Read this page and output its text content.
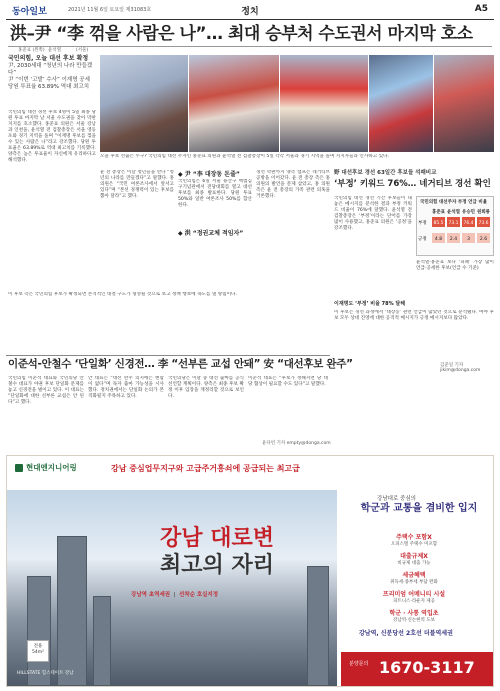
동아일보	2021년 11월 6일 토요일 제31083호	정치	A5
洪–尹 “李 꺾을 사람은 나”… 최대 승부처 수도권서 마지막 호소
홍준표 (왼쪽) 윤석열	(서울)
국민의힘, 오늘 대선 후보 확정
尹, 2030세대 “청년의 나라 만들겠다”
尹 “이번 ‘고발’ 수사” 이재명 공세
당원 투표율 63.89% 역대 최고치
국민의힘 대선 경선 후보 4명이 5일 최종 당원 투표 마지막 날 서울 수도권을 찾아 막판 지지를 호소했다. 홍준표 의원은 서울 강남과 인천을, 윤석열 전 검찰총장은 서울 영등포와 경기 지역을 돌며 “이재명 후보를 꺾을 수 있는 사람은 나”라고 강조했다. 당원 투표율은 63.89%로 역대 최고치를 기록했다. 양측은 높은 투표율이 자신에게 유리하다고 해석했다.
오늘 후보 선출은 누구? 국민의힘 대선 주자인 홍준표 의원과 윤석열 전 검찰총장이 5일 각각 서울과 경기 지역을 돌며 지지자들과 인사하고 있다.
윤 전 총장은 이날 청년들을 만나 “청년의 나라를 만들겠다”고 말했다. 홍 의원은 “국민 여론조사에서 앞서고 있다”며 “본선 경쟁력이 있는 후보를 뽑아 달라”고 했다.
◆ 尹 “李 대장동 돈줄”
국민의힘은 6일 서울 용산구 백범김구기념관에서 전당대회를 열고 대선 후보를 최종 발표한다. 당원 투표 50%와 일반 여론조사 50%를 합산한다.
◆ 洪 “정권교체 적임자”
경선 막판까지 양측 캠프는 네거티브 공방을 이어갔다. 윤 전 총장 측은 홍 의원의 발언을 문제 삼았고, 홍 의원 측은 윤 전 총장의 가족 관련 의혹을 거론했다.
野 대선후보 경선 63일간 후보들 석패비교
‘부정’ 키워드 76%… 네거티브 경선 확인
국민의힘 대선 경선 기간 후보들이 내놓은 메시지를 분석한 결과 부정 키워드 비율이 76%에 달했다. 윤석열 전 검찰총장은 ‘부정’이라는 단어를 가장 많이 사용했고, 홍준표 의원은 ‘공정’을 강조했다.
국민의힘 대선주자 부정 언급 비율
홍준표 윤석열 유승민 원희룡
부정 85.5 73.1 76.4 73.6
긍정 4.8 2.4 3 2.6
윤석열·홍준표 보다 ‘피폐’ 가장 많이 언급·공세한 후보(언급 수 기준)
이재명도 ‘부정’ 비율 78% 달해
이 후보는 경선 과정에서 ‘대장동’ 관련 언급이 많았던 것으로 분석됐다. 여야 후보 모두 상대 진영에 대한 공격적 메시지가 긍정 메시지보다 많았다.
김준일 기자 jikim@donga.com
이 후보 측은 국민의힘 후보가 확정되면 본격적인 대결 구도가 형성될 것으로 보고 정책 행보에 속도를 낼 방침이다.
이준석-안철수 ‘단일화’ 신경전… 李 “선부른 교섭 안돼” 安 “대선후보 완주”
국민의힘 이준석 대표와 국민의당 안철수 대표가 야권 후보 단일화 문제를 놓고 신경전을 벌이고 있다. 이 대표는 “단일화에 대한 선부른 교섭은 안 된다”고 했다.
안 대표는 “대선 완주 의지에는 변함이 없다”며 독자 출마 가능성을 시사했다. 정치권에서는 단일화 논의가 본격화될지 주목하고 있다.
국민의당은 이달 중 대선 출마를 공식 선언할 계획이다. 양측은 최종 후보 확정 이후 입장을 재정리할 것으로 보인다.
이준석 대표는 “후보가 정해지면 당 대 당 협상이 필요할 수도 있다”고 말했다.
윤다빈 기자 empty@donga.com
현대엔지니어링	강남 중심업무지구와 고급주거흥쇠에 공급되는 최고급
전용 54m²
HILLSTATE 힐스테이트 강남
강남 대로변
최고의 자리
강남역 초역세권  |  선착순 호실지정
강남대로 중심의
학군과 교통을 겸비한 입지
주택수 포함X
오피스텔 주택수 미포함
대출규제X
비규제 대출 가능
세금혜택
취득세·종부세 부담 완화
프리미엄 어메니티 시설
피트니스·라운지 제공
학군 · 사통 역입초
강남역·신논현역 도보
강남역, 신분당선 2호선 더블역세권
분양문의 1670-3117
